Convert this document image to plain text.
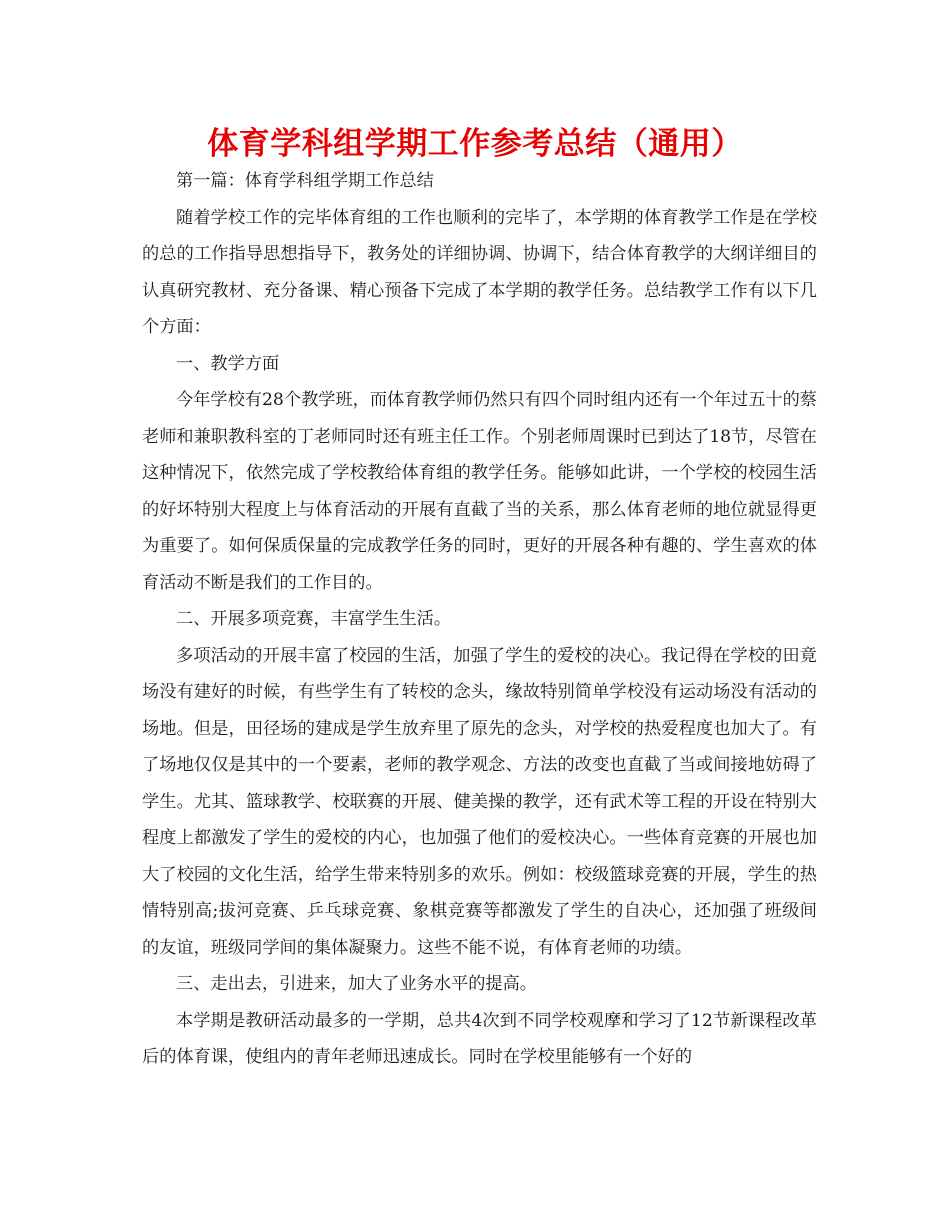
体育学科组学期工作参考总结（通用）

第一篇：体育学科组学期工作总结

随着学校工作的完毕体育组的工作也顺利的完毕了，本学期的体育教学工作是在学校的总的工作指导思想指导下，教务处的详细协调、协调下，结合体育教学的大纲详细目的认真研究教材、充分备课、精心预备下完成了本学期的教学任务。总结教学工作有以下几个方面：

一、教学方面

今年学校有28个教学班，而体育教学师仍然只有四个同时组内还有一个年过五十的蔡老师和兼职教科室的丁老师同时还有班主任工作。个别老师周课时已到达了18节，尽管在这种情况下，依然完成了学校教给体育组的教学任务。能够如此讲，一个学校的校园生活的好坏特别大程度上与体育活动的开展有直截了当的关系，那么体育老师的地位就显得更为重要了。如何保质保量的完成教学任务的同时，更好的开展各种有趣的、学生喜欢的体育活动不断是我们的工作目的。

二、开展多项竞赛，丰富学生生活。

多项活动的开展丰富了校园的生活，加强了学生的爱校的决心。我记得在学校的田竟场没有建好的时候，有些学生有了转校的念头，缘故特别简单学校没有运动场没有活动的场地。但是，田径场的建成是学生放弃里了原先的念头，对学校的热爱程度也加大了。有了场地仅仅是其中的一个要素，老师的教学观念、方法的改变也直截了当或间接地妨碍了学生。尤其、篮球教学、校联赛的开展、健美操的教学，还有武术等工程的开设在特别大程度上都激发了学生的爱校的内心，也加强了他们的爱校决心。一些体育竞赛的开展也加大了校园的文化生活，给学生带来特别多的欢乐。例如：校级篮球竞赛的开展，学生的热情特别高;拔河竞赛、乒乓球竞赛、象棋竞赛等都激发了学生的自决心，还加强了班级间的友谊，班级同学间的集体凝聚力。这些不能不说，有体育老师的功绩。

三、走出去，引进来，加大了业务水平的提高。

本学期是教研活动最多的一学期，总共4次到不同学校观摩和学习了12节新课程改革后的体育课，使组内的青年老师迅速成长。同时在学校里能够有一个好的
